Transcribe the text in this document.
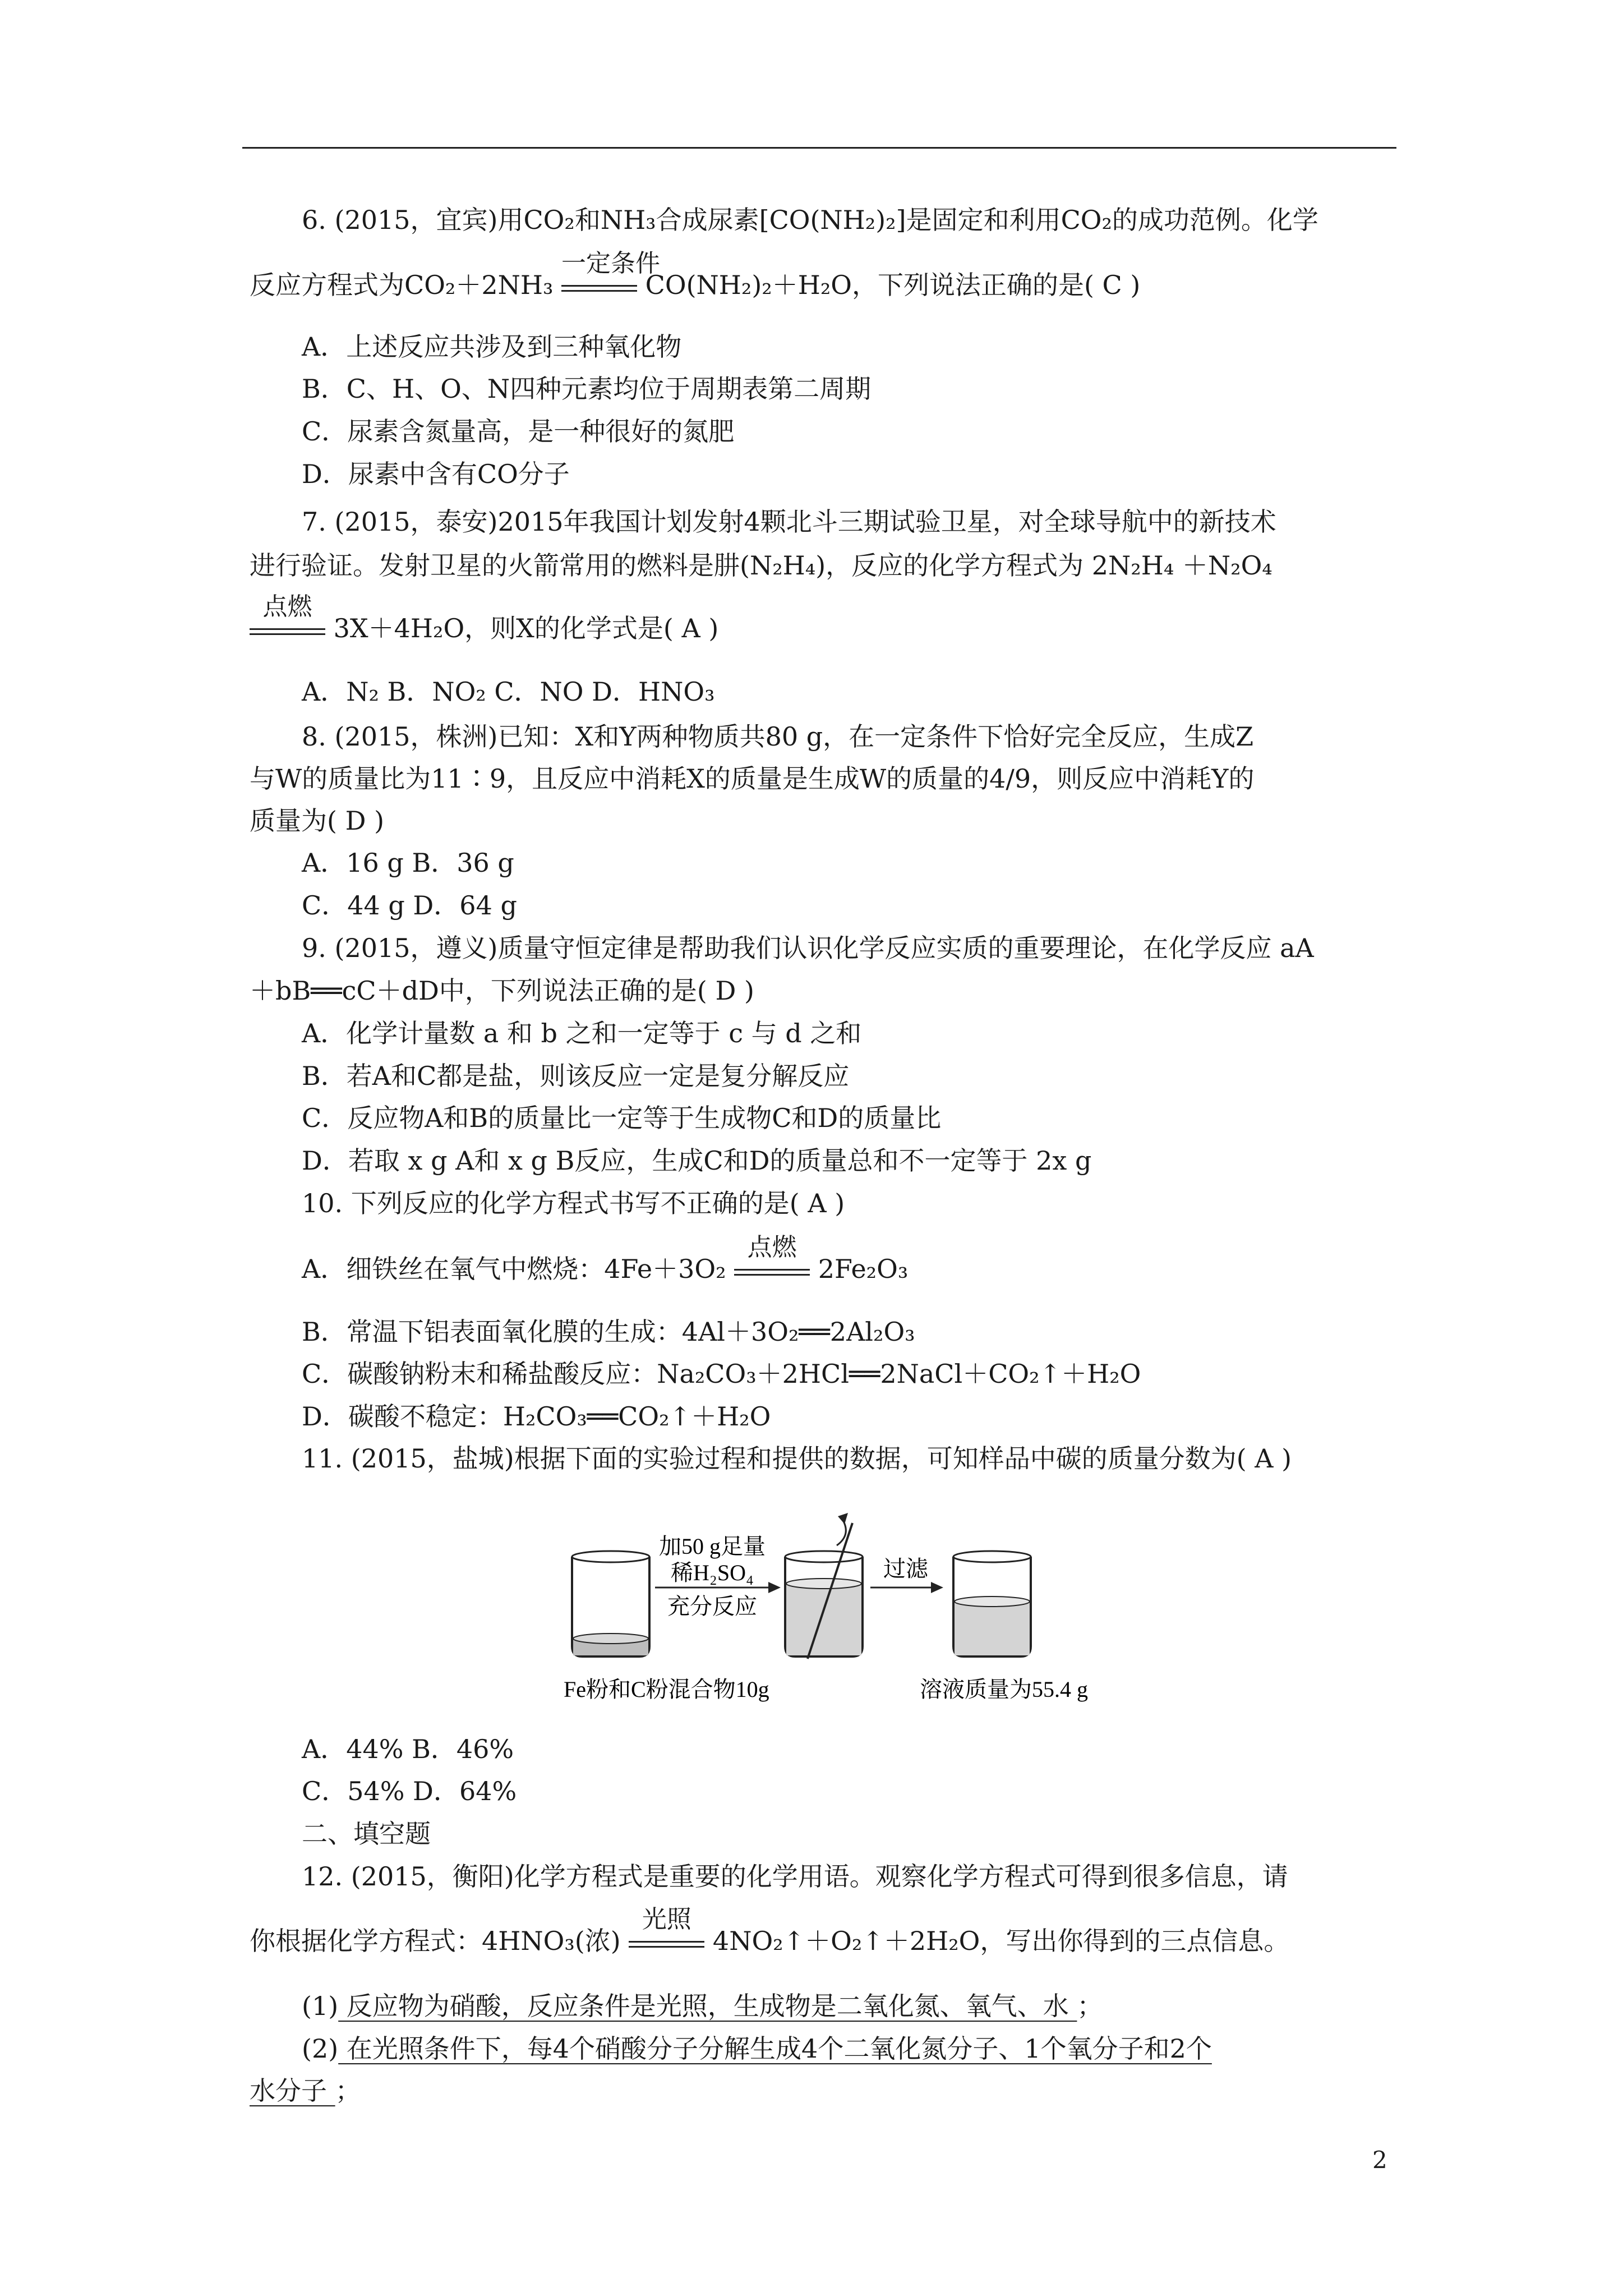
6. (2015，宜宾)用CO₂和NH₃合成尿素[CO(NH₂)₂]是固定和利用CO₂的成功范例。化学
反应方程式为CO₂＋2NH₃
一定条件
CO(NH₂)₂＋H₂O，下列说法正确的是( C )
A．上述反应共涉及到三种氧化物
B．C、H、O、N四种元素均位于周期表第二周期
C．尿素含氮量高，是一种很好的氮肥
D．尿素中含有CO分子
7. (2015，泰安)2015年我国计划发射4颗北斗三期试验卫星，对全球导航中的新技术
进行验证。发射卫星的火箭常用的燃料是肼(N₂H₄)，反应的化学方程式为 2N₂H₄ ＋N₂O₄
点燃
3X＋4H₂O，则X的化学式是( A )
A．N₂ B．NO₂ C．NO D．HNO₃
8. (2015，株洲)已知：X和Y两种物质共80 g，在一定条件下恰好完全反应，生成Z
与W的质量比为11∶9，且反应中消耗X的质量是生成W的质量的4/9，则反应中消耗Y的
质量为( D )
A．16 g B．36 g
C．44 g D．64 g
9. (2015，遵义)质量守恒定律是帮助我们认识化学反应实质的重要理论，在化学反应 aA
＋bB══cC＋dD中，下列说法正确的是( D )
A．化学计量数 a 和 b 之和一定等于 c 与 d 之和
B．若A和C都是盐，则该反应一定是复分解反应
C．反应物A和B的质量比一定等于生成物C和D的质量比
D．若取 x g A和 x g B反应，生成C和D的质量总和不一定等于 2x g
10. 下列反应的化学方程式书写不正确的是( A )
A．细铁丝在氧气中燃烧：4Fe＋3O₂
点燃
2Fe₂O₃
B．常温下铝表面氧化膜的生成：4Al＋3O₂══2Al₂O₃
C．碳酸钠粉末和稀盐酸反应：Na₂CO₃＋2HCl══2NaCl＋CO₂↑＋H₂O
D．碳酸不稳定：H₂CO₃══CO₂↑＋H₂O
11. (2015，盐城)根据下面的实验过程和提供的数据，可知样品中碳的质量分数为( A )
加50 g足量
稀H₂SO₄
充分反应
过滤
Fe粉和C粉混合物10g	溶液质量为55.4 g
A．44% B．46%
C．54% D．64%
二、填空题
12. (2015，衡阳)化学方程式是重要的化学用语。观察化学方程式可得到很多信息，请
你根据化学方程式：4HNO₃(浓)
光照
4NO₂↑＋O₂↑＋2H₂O，写出你得到的三点信息。
(1) 反应物为硝酸，反应条件是光照，生成物是二氧化氮、氧气、水 ；
(2) 在光照条件下，每4个硝酸分子分解生成4个二氧化氮分子、1个氧分子和2个
水分子 ；
2
